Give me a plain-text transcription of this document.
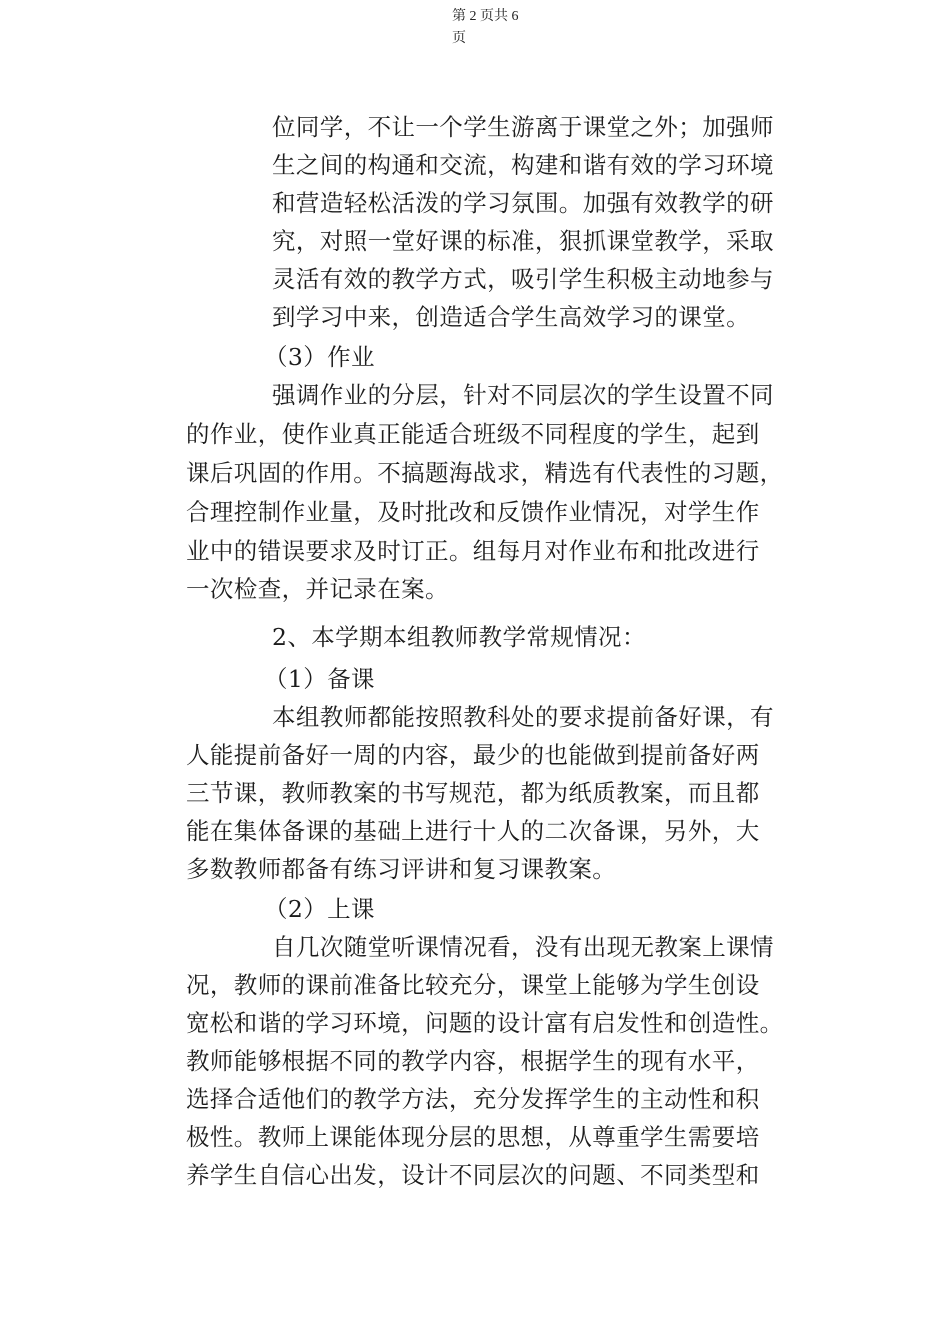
第 2 页共 6
页

位同学，不让一个学生游离于课堂之外；加强师

生之间的构通和交流，构建和谐有效的学习环境

和营造轻松活泼的学习氛围。加强有效教学的研

究，对照一堂好课的标准，狠抓课堂教学，采取

灵活有效的教学方式，吸引学生积极主动地参与

到学习中来，创造适合学生高效学习的课堂。

（3）作业

强调作业的分层，针对不同层次的学生设置不同

的作业，使作业真正能适合班级不同程度的学生，起到

课后巩固的作用。不搞题海战求，精选有代表性的习题，

合理控制作业量，及时批改和反馈作业情况，对学生作

业中的错误要求及时订正。组每月对作业布和批改进行

一次检查，并记录在案。

2、本学期本组教师教学常规情况：

（1）备课

本组教师都能按照教科处的要求提前备好课，有

人能提前备好一周的内容，最少的也能做到提前备好两

三节课，教师教案的书写规范，都为纸质教案，而且都

能在集体备课的基础上进行十人的二次备课，另外，大

多数教师都备有练习评讲和复习课教案。

（2）上课

自几次随堂听课情况看，没有出现无教案上课情

况，教师的课前准备比较充分，课堂上能够为学生创设

宽松和谐的学习环境，问题的设计富有启发性和创造性。

教师能够根据不同的教学内容，根据学生的现有水平，

选择合适他们的教学方法，充分发挥学生的主动性和积

极性。教师上课能体现分层的思想，从尊重学生需要培

养学生自信心出发，设计不同层次的问题、不同类型和
